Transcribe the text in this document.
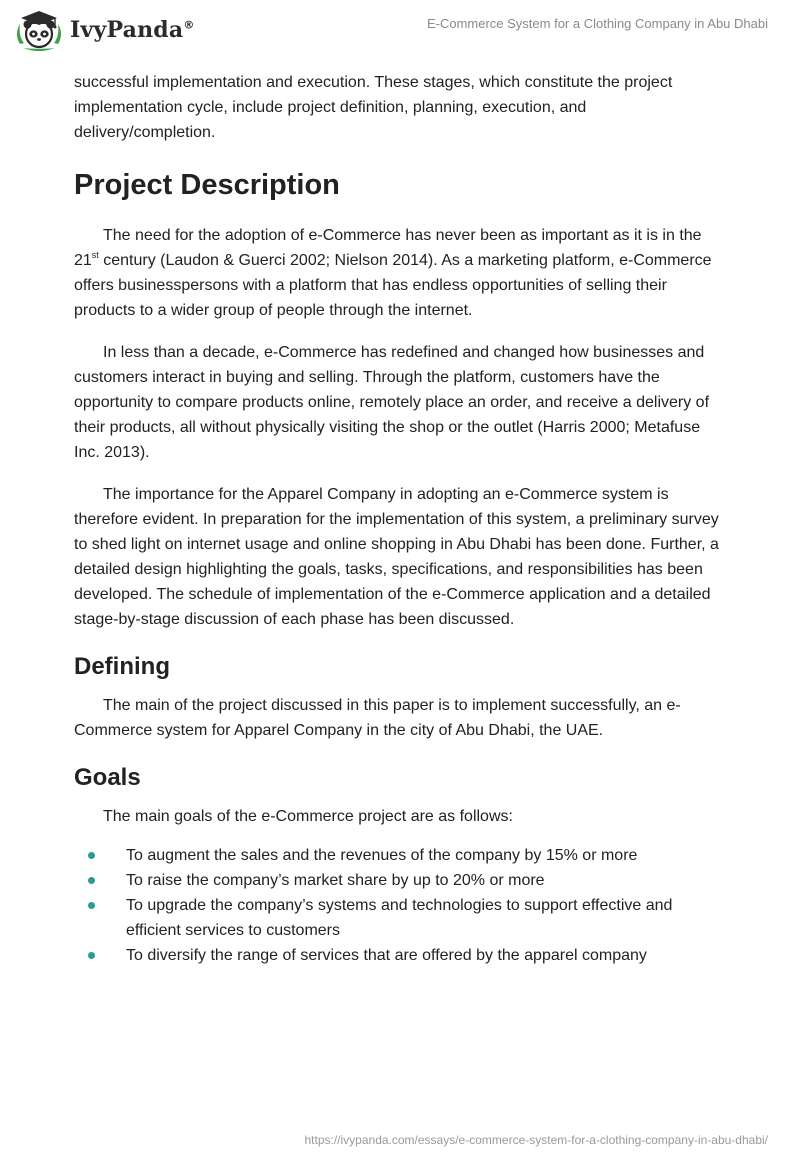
IvyPanda®	E-Commerce System for a Clothing Company in Abu Dhabi

successful implementation and execution. These stages, which constitute the project implementation cycle, include project definition, planning, execution, and delivery/completion.

Project Description

The need for the adoption of e-Commerce has never been as important as it is in the 21st century (Laudon & Guerci 2002; Nielson 2014). As a marketing platform, e-Commerce offers businesspersons with a platform that has endless opportunities of selling their products to a wider group of people through the internet.

In less than a decade, e-Commerce has redefined and changed how businesses and customers interact in buying and selling. Through the platform, customers have the opportunity to compare products online, remotely place an order, and receive a delivery of their products, all without physically visiting the shop or the outlet (Harris 2000; Metafuse Inc. 2013).

The importance for the Apparel Company in adopting an e-Commerce system is therefore evident. In preparation for the implementation of this system, a preliminary survey to shed light on internet usage and online shopping in Abu Dhabi has been done. Further, a detailed design highlighting the goals, tasks, specifications, and responsibilities has been developed. The schedule of implementation of the e-Commerce application and a detailed stage-by-stage discussion of each phase has been discussed.

Defining

The main of the project discussed in this paper is to implement successfully, an e-Commerce system for Apparel Company in the city of Abu Dhabi, the UAE.

Goals

The main goals of the e-Commerce project are as follows:

To augment the sales and the revenues of the company by 15% or more
To raise the company’s market share by up to 20% or more
To upgrade the company’s systems and technologies to support effective and efficient services to customers
To diversify the range of services that are offered by the apparel company
https://ivypanda.com/essays/e-commerce-system-for-a-clothing-company-in-abu-dhabi/
